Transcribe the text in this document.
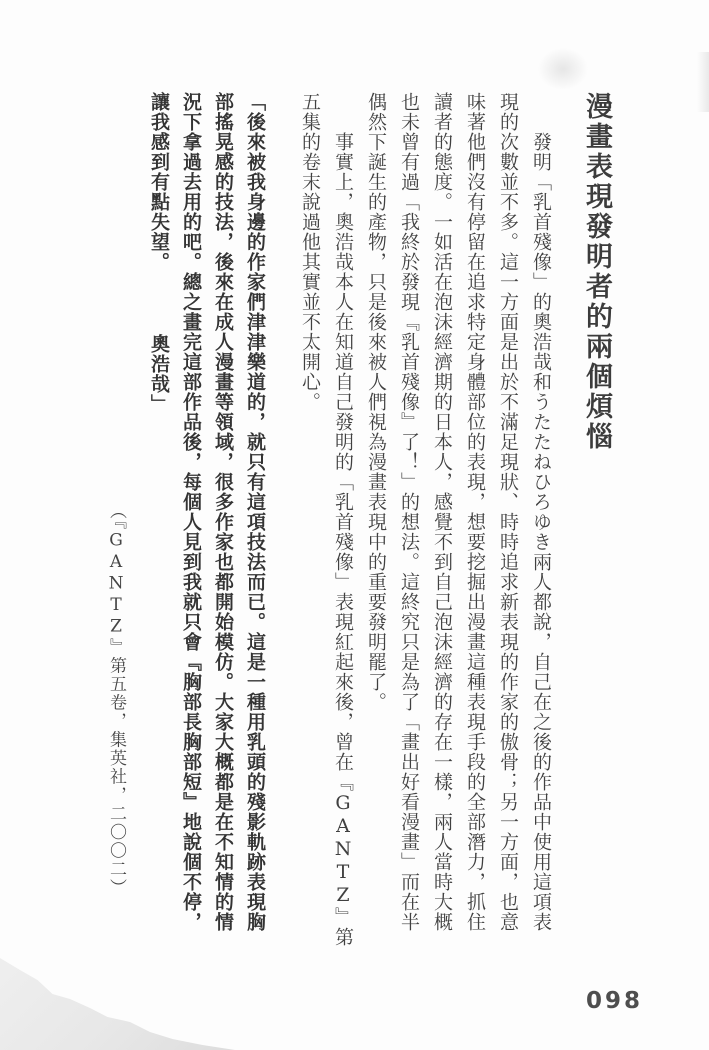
漫畫表現發明者的兩個煩惱
發明「乳首殘像」的奧浩哉和うたたねひろゆき兩人都說，自己在之後的作品中使用這項表
現的次數並不多。這一方面是出於不滿足現狀、時時追求新表現的作家的傲骨；另一方面，也意
味著他們沒有停留在追求特定身體部位的表現，想要挖掘出漫畫這種表現手段的全部潛力，抓住
讀者的態度。一如活在泡沫經濟期的日本人，感覺不到自己泡沫經濟的存在一樣，兩人當時大概
也未曾有過「我終於發現『乳首殘像』了！」的想法。這終究只是為了「畫出好看漫畫」而在半
偶然下誕生的產物，只是後來被人們視為漫畫表現中的重要發明罷了。
事實上，奧浩哉本人在知道自己發明的「乳首殘像」表現紅起來後，曾在『GANTZ』第
五集的卷末說過他其實並不太開心。
「後來被我身邊的作家們津津樂道的，就只有這項技法而已。這是一種用乳頭的殘影軌跡表現胸
部搖晃感的技法，後來在成人漫畫等領域，很多作家也都開始模仿。大家大概都是在不知情的情
況下拿過去用的吧。總之畫完這部作品後，每個人見到我就只會『胸部長胸部短』地說個不停，
讓我感到有點失望。奧浩哉」
（『GANTZ』第五卷，集英社，二〇〇二）
098
